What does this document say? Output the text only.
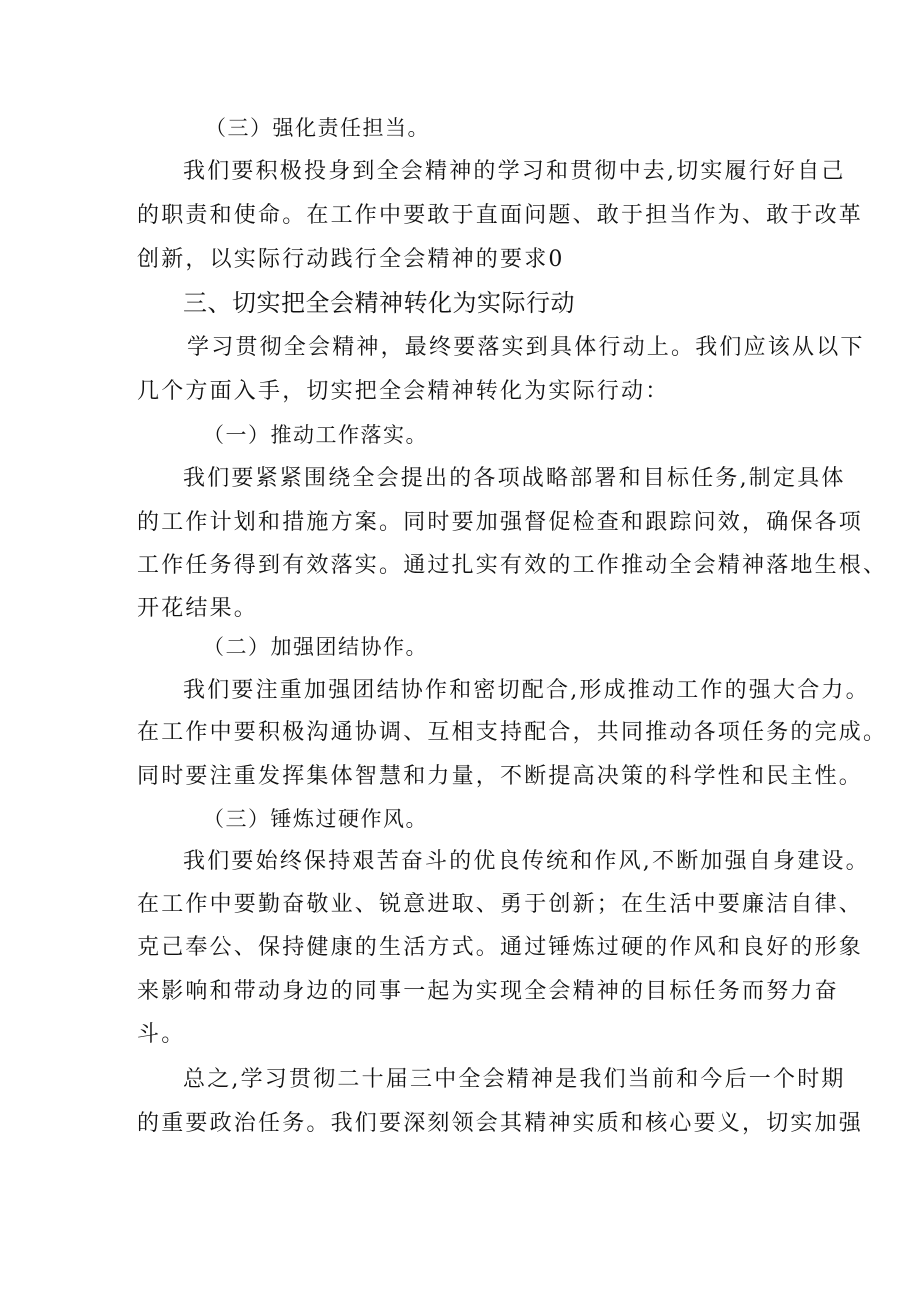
（三）强化责任担当。
我们要积极投身到全会精神的学习和贯彻中去,切实履行好自己
的职责和使命。在工作中要敢于直面问题、敢于担当作为、敢于改革
创新，以实际行动践行全会精神的要求0
三、切实把全会精神转化为实际行动
学习贯彻全会精神，最终要落实到具体行动上。我们应该从以下
几个方面入手，切实把全会精神转化为实际行动：
（一）推动工作落实。
我们要紧紧围绕全会提出的各项战略部署和目标任务,制定具体
的工作计划和措施方案。同时要加强督促检查和跟踪问效，确保各项
工作任务得到有效落实。通过扎实有效的工作推动全会精神落地生根、
开花结果。
（二）加强团结协作。
我们要注重加强团结协作和密切配合,形成推动工作的强大合力。
在工作中要积极沟通协调、互相支持配合，共同推动各项任务的完成。
同时要注重发挥集体智慧和力量，不断提高决策的科学性和民主性。
（三）锤炼过硬作风。
我们要始终保持艰苦奋斗的优良传统和作风,不断加强自身建设。
在工作中要勤奋敬业、锐意进取、勇于创新；在生活中要廉洁自律、
克己奉公、保持健康的生活方式。通过锤炼过硬的作风和良好的形象
来影响和带动身边的同事一起为实现全会精神的目标任务而努力奋
斗。
总之,学习贯彻二十届三中全会精神是我们当前和今后一个时期
的重要政治任务。我们要深刻领会其精神实质和核心要义，切实加强
